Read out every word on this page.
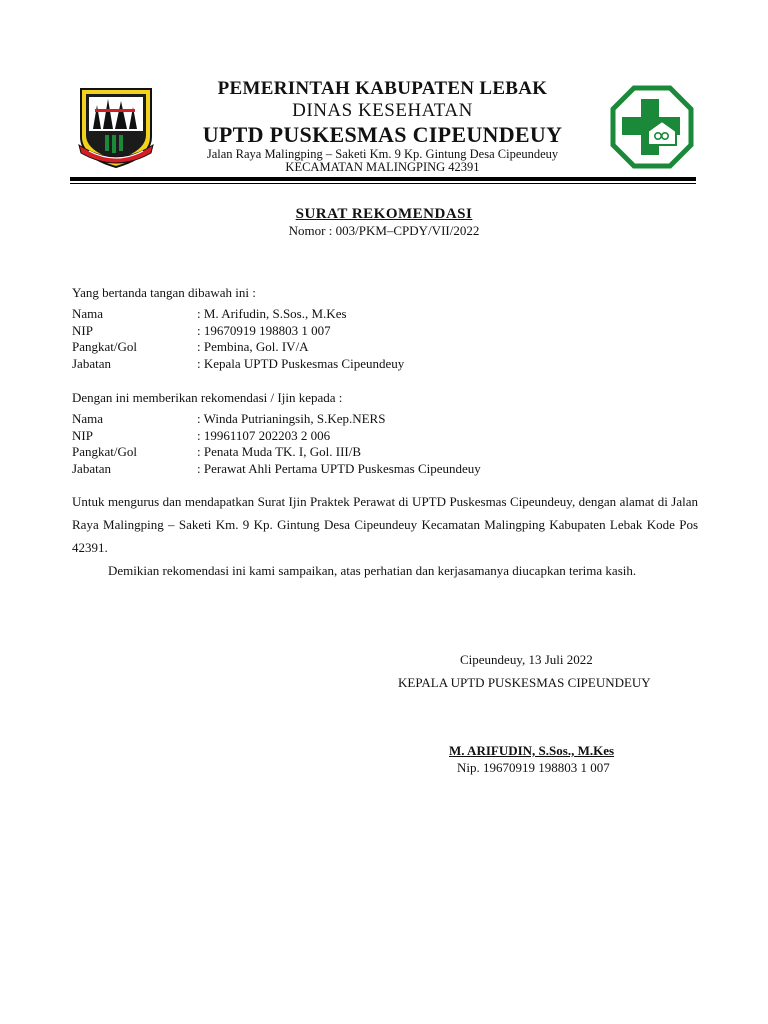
PEMERINTAH KABUPATEN LEBAK
DINAS KESEHATAN
UPTD PUSKESMAS CIPEUNDEUY
Jalan Raya Malingping – Saketi Km. 9 Kp. Gintung Desa Cipeundeuy
KECAMATAN MALINGPING 42391
SURAT REKOMENDASI
Nomor : 003/PKM–CPDY/VII/2022
Yang bertanda tangan dibawah ini :
Nama	: M. Arifudin, S.Sos., M.Kes
NIP	: 19670919 198803 1 007
Pangkat/Gol	: Pembina, Gol. IV/A
Jabatan	: Kepala UPTD Puskesmas Cipeundeuy
Dengan ini memberikan rekomendasi / Ijin kepada :
Nama	: Winda Putrianingsih, S.Kep.NERS
NIP	: 19961107 202203 2 006
Pangkat/Gol	: Penata Muda TK. I, Gol. III/B
Jabatan	: Perawat Ahli Pertama UPTD Puskesmas Cipeundeuy
Untuk mengurus dan mendapatkan Surat Ijin Praktek Perawat di UPTD Puskesmas Cipeundeuy, dengan alamat di Jalan Raya Malingping – Saketi Km. 9 Kp. Gintung Desa Cipeundeuy Kecamatan Malingping Kabupaten Lebak Kode Pos 42391.
Demikian rekomendasi ini kami sampaikan, atas perhatian dan kerjasamanya diucapkan terima kasih.
Cipeundeuy, 13 Juli 2022
KEPALA UPTD PUSKESMAS CIPEUNDEUY
M. ARIFUDIN, S.Sos., M.Kes
Nip. 19670919 198803 1 007
